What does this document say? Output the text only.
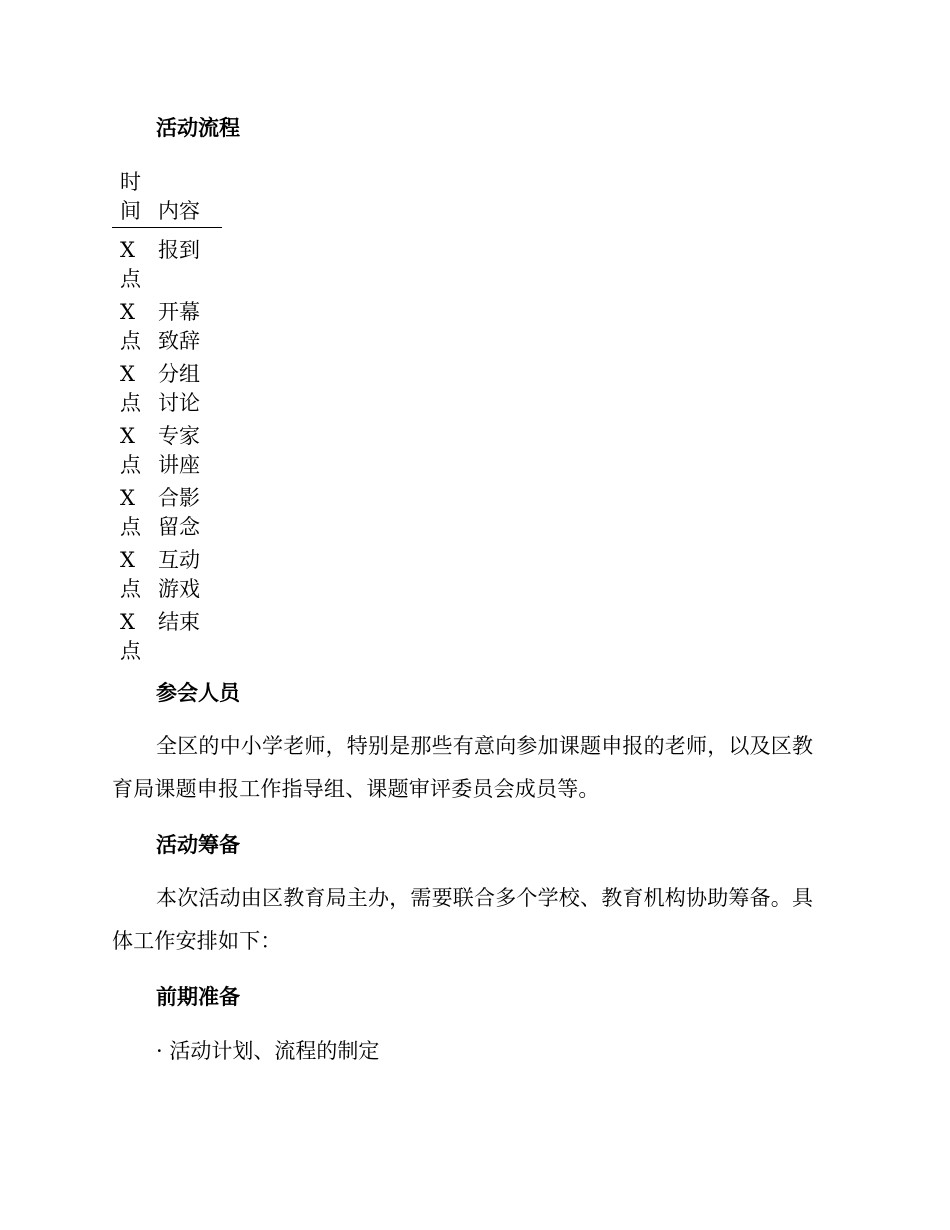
活动流程
时间 内容
X点
报到
X点
开幕致辞
X点
分组讨论
X点
专家讲座
X点
合影留念
X点
互动游戏
X点
结束
参会人员
全区的中小学老师，特别是那些有意向参加课题申报的老师，以及区教育局课题申报工作指导组、课题审评委员会成员等。
活动筹备
本次活动由区教育局主办，需要联合多个学校、教育机构协助筹备。具体工作安排如下：
前期准备
· 活动计划、流程的制定
